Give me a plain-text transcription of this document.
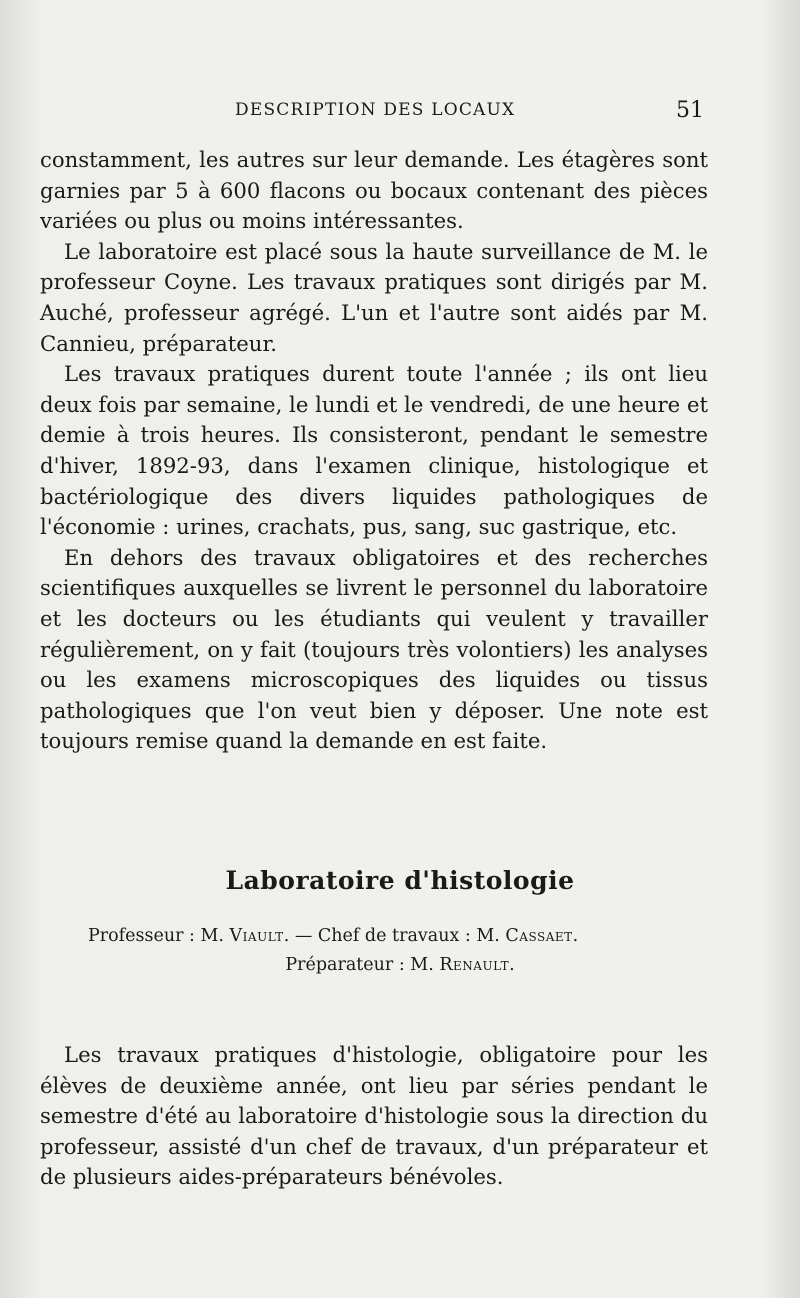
DESCRIPTION DES LOCAUX	51

constamment, les autres sur leur demande. Les étagères sont garnies par 5 à 600 flacons ou bocaux contenant des pièces variées ou plus ou moins intéressantes.

Le laboratoire est placé sous la haute surveillance de M. le professeur Coyne. Les travaux pratiques sont dirigés par M. Auché, professeur agrégé. L'un et l'autre sont aidés par M. Cannieu, préparateur.

Les travaux pratiques durent toute l'année ; ils ont lieu deux fois par semaine, le lundi et le vendredi, de une heure et demie à trois heures. Ils consisteront, pendant le semestre d'hiver, 1892-93, dans l'examen clinique, histologique et bactériologique des divers liquides pathologiques de l'économie : urines, crachats, pus, sang, suc gastrique, etc.

En dehors des travaux obligatoires et des recherches scientifiques auxquelles se livrent le personnel du laboratoire et les docteurs ou les étudiants qui veulent y travailler régulièrement, on y fait (toujours très volontiers) les analyses ou les examens microscopiques des liquides ou tissus pathologiques que l'on veut bien y déposer. Une note est toujours remise quand la demande en est faite.

Laboratoire d'histologie
Professeur : M. Viault. — Chef de travaux : M. Cassaet.
Préparateur : M. Renault.

Les travaux pratiques d'histologie, obligatoire pour les élèves de deuxième année, ont lieu par séries pendant le semestre d'été au laboratoire d'histologie sous la direction du professeur, assisté d'un chef de travaux, d'un préparateur et de plusieurs aides-préparateurs bénévoles.
